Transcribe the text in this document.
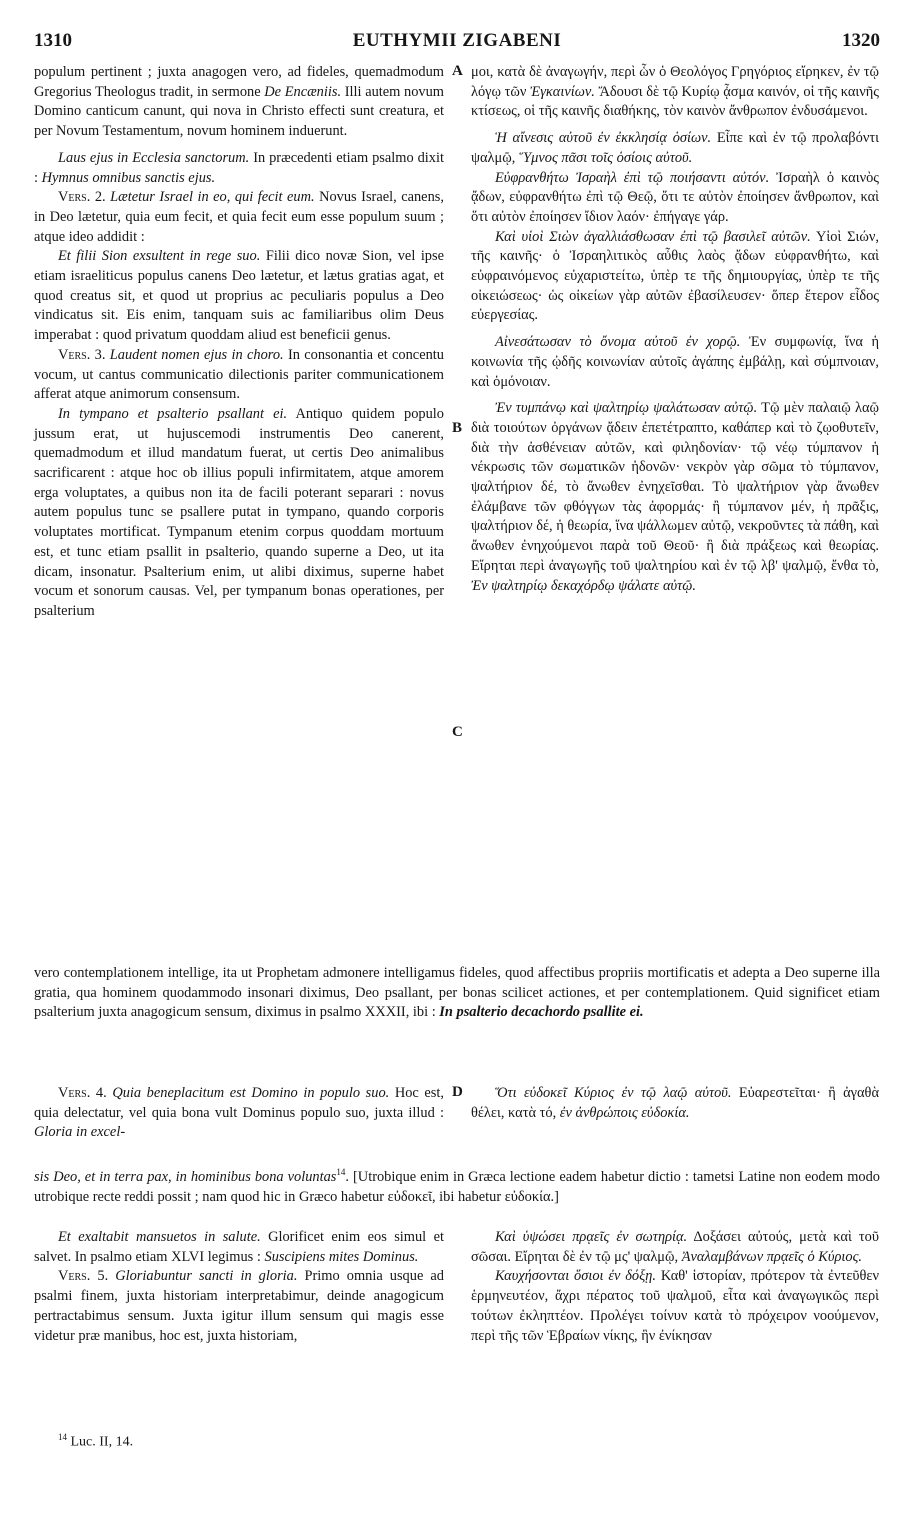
1310	EUTHYMII ZIGABENI	1320
A
B
C
D

populum pertinent ; juxta anagogen vero, ad fideles, quemadmodum Gregorius Theologus tradit, in sermone De Encæniis. Illi autem novum Domino canticum canunt, qui nova in Christo effecti sunt creatura, et per Novum Testamentum, novum hominem induerunt.

Laus ejus in Ecclesia sanctorum. In præcedenti etiam psalmo dixit : Hymnus omnibus sanctis ejus.

Vers. 2. Lætetur Israel in eo, qui fecit eum. Novus Israel, canens, in Deo lætetur, quia eum fecit, et quia fecit eum esse populum suum ; atque ideo addidit :

Et filii Sion exsultent in rege suo. Filii dico novæ Sion, vel ipse etiam israeliticus populus canens Deo lætetur, et lætus gratias agat, et quod creatus sit, et quod ut proprius ac peculiaris populus a Deo vindicatus sit. Eis enim, tanquam suis ac familiaribus olim Deus imperabat : quod privatum quoddam aliud est beneficii genus.

Vers. 3. Laudent nomen ejus in choro. In consonantia et concentu vocum, ut cantus communicatio dilectionis pariter communicationem afferat atque animorum consensum.

In tympano et psalterio psallant ei. Antiquo quidem populo jussum erat, ut hujuscemodi instrumentis Deo canerent, quemadmodum et illud mandatum fuerat, ut certis Deo animalibus sacrificarent : atque hoc ob illius populi infirmitatem, atque amorem erga voluptates, a quibus non ita de facili poterant separari : novus autem populus tunc se psallere putat in tympano, quando corporis voluptates mortificat. Tympanum etenim corpus quoddam mortuum est, et tunc etiam psallit in psalterio, quando superne a Deo, ut ita dicam, insonatur. Psalterium enim, ut alibi diximus, superne habet vocum et sonorum causas. Vel, per tympanum bonas operationes, per psalterium

μοι, κατὰ δὲ ἀναγωγήν, περὶ ὧν ὁ Θεολόγος Γρηγόριος εἴρηκεν, ἐν τῷ λόγῳ τῶν Ἐγκαινίων. Ἄδουσι δὲ τῷ Κυρίῳ ᾆσμα καινόν, οἱ τῆς καινῆς κτίσεως, οἱ τῆς καινῆς διαθήκης, τὸν καινὸν ἄνθρωπον ἐνδυσάμενοι.

Ἡ αἴνεσις αὐτοῦ ἐν ἐκκλησίᾳ ὁσίων. Εἶπε καὶ ἐν τῷ προλαβόντι ψαλμῷ, Ὕμνος πᾶσι τοῖς ὁσίοις αὐτοῦ.

Εὐφρανθήτω Ἰσραὴλ ἐπὶ τῷ ποιήσαντι αὐτόν. Ἰσραὴλ ὁ καινὸς ᾄδων, εὐφρανθήτω ἐπὶ τῷ Θεῷ, ὅτι τε αὐτὸν ἐποίησεν ἄνθρωπον, καὶ ὅτι αὐτὸν ἐποίησεν ἴδιον λαόν· ἐπήγαγε γάρ.

Καὶ υἱοὶ Σιὼν ἀγαλλιάσθωσαν ἐπὶ τῷ βασιλεῖ αὐτῶν. Υἱοὶ Σιών, τῆς καινῆς· ὁ Ἰσραηλιτικὸς αὖθις λαὸς ᾄδων εὐφρανθήτω, καὶ εὐφραινόμενος εὐχαριστείτω, ὑπὲρ τε τῆς δημιουργίας, ὑπὲρ τε τῆς οἰκειώσεως· ὡς οἰκείων γὰρ αὐτῶν ἐβασίλευσεν· ὅπερ ἕτερον εἶδος εὐεργεσίας.

Αἰνεσάτωσαν τὸ ὄνομα αὐτοῦ ἐν χορῷ. Ἐν συμφωνίᾳ, ἵνα ἡ κοινωνία τῆς ᾠδῆς κοινωνίαν αὐτοῖς ἀγάπης ἐμβάλῃ, καὶ σύμπνοιαν, καὶ ὁμόνοιαν.

Ἐν τυμπάνῳ καὶ ψαλτηρίῳ ψαλάτωσαν αὐτῷ. Τῷ μὲν παλαιῷ λαῷ διὰ τοιούτων ὀργάνων ᾄδειν ἐπετέτραπτο, καθάπερ καὶ τὸ ζῳοθυτεῖν, διὰ τὴν ἀσθένειαν αὐτῶν, καὶ φιληδονίαν· τῷ νέῳ τύμπανον ἡ νέκρωσις τῶν σωματικῶν ἡδονῶν· νεκρὸν γὰρ σῶμα τὸ τύμπανον, ψαλτήριον δέ, τὸ ἄνωθεν ἐνηχεῖσθαι. Τὸ ψαλτήριον γὰρ ἄνωθεν ἐλάμβανε τῶν φθόγγων τὰς ἀφορμάς· ἢ τύμπανον μέν, ἡ πρᾶξις, ψαλτήριον δέ, ἡ θεωρία, ἵνα ψάλλωμεν αὐτῷ, νεκροῦντες τὰ πάθη, καὶ ἄνωθεν ἐνηχούμενοι παρὰ τοῦ Θεοῦ· ἢ διὰ πράξεως καὶ θεωρίας. Εἴρηται περὶ ἀναγωγῆς τοῦ ψαλτηρίου καὶ ἐν τῷ λβ' ψαλμῷ, ἔνθα τὸ, Ἐν ψαλτηρίῳ δεκαχόρδῳ ψάλατε αὐτῷ.

vero contemplationem intellige, ita ut Prophetam admonere intelligamus fideles, quod affectibus propriis mortificatis et adepta a Deo superne illa gratia, qua hominem quodammodo insonari diximus, Deo psallant, per bonas scilicet actiones, et per contemplationem. Quid significet etiam psalterium juxta anagogicum sensum, diximus in psalmo XXXII, ibi : In psalterio decachordo psallite ei.

Vers. 4. Quia beneplacitum est Domino in populo suo. Hoc est, quia delectatur, vel quia bona vult Dominus populo suo, juxta illud : Gloria in excel-

Ὅτι εὐδοκεῖ Κύριος ἐν τῷ λαῷ αὐτοῦ. Εὐαρεστεῖται· ἢ ἀγαθὰ θέλει, κατὰ τό, ἐν ἀνθρώποις εὐδοκία.

sis Deo, et in terra pax, in hominibus bona voluntas$^{14}$. [Utrobique enim in Græca lectione eadem habetur dictio : tametsi Latine non eodem modo utrobique recte reddi possit ; nam quod hic in Græco habetur εὐδοκεῖ, ibi habetur εὐδοκία.]

Et exaltabit mansuetos in salute. Glorificet enim eos simul et salvet. In psalmo etiam XLVI legimus : Suscipiens mites Dominus.

Vers. 5. Gloriabuntur sancti in gloria. Primo omnia usque ad psalmi finem, juxta historiam interpretabimur, deinde anagogicum pertractabimus sensum. Juxta igitur illum sensum qui magis esse videtur præ manibus, hoc est, juxta historiam,

Καὶ ὑψώσει πρᾳεῖς ἐν σωτηρίᾳ. Δοξάσει αὐτούς, μετὰ καὶ τοῦ σῶσαι. Εἴρηται δὲ ἐν τῷ μς' ψαλμῷ, Ἀναλαμβάνων πρᾳεῖς ὁ Κύριος.

Καυχήσονται ὅσιοι ἐν δόξῃ. Καθ' ἱστορίαν, πρότερον τὰ ἐντεῦθεν ἑρμηνευτέον, ἄχρι πέρατος τοῦ ψαλμοῦ, εἶτα καὶ ἀναγωγικῶς περὶ τούτων ἐκληπτέον. Προλέγει τοίνυν κατὰ τὸ πρόχειρον νοούμενον, περὶ τῆς τῶν Ἑβραίων νίκης, ἣν ἐνίκησαν

$^{14}$ Luc. II, 14.
